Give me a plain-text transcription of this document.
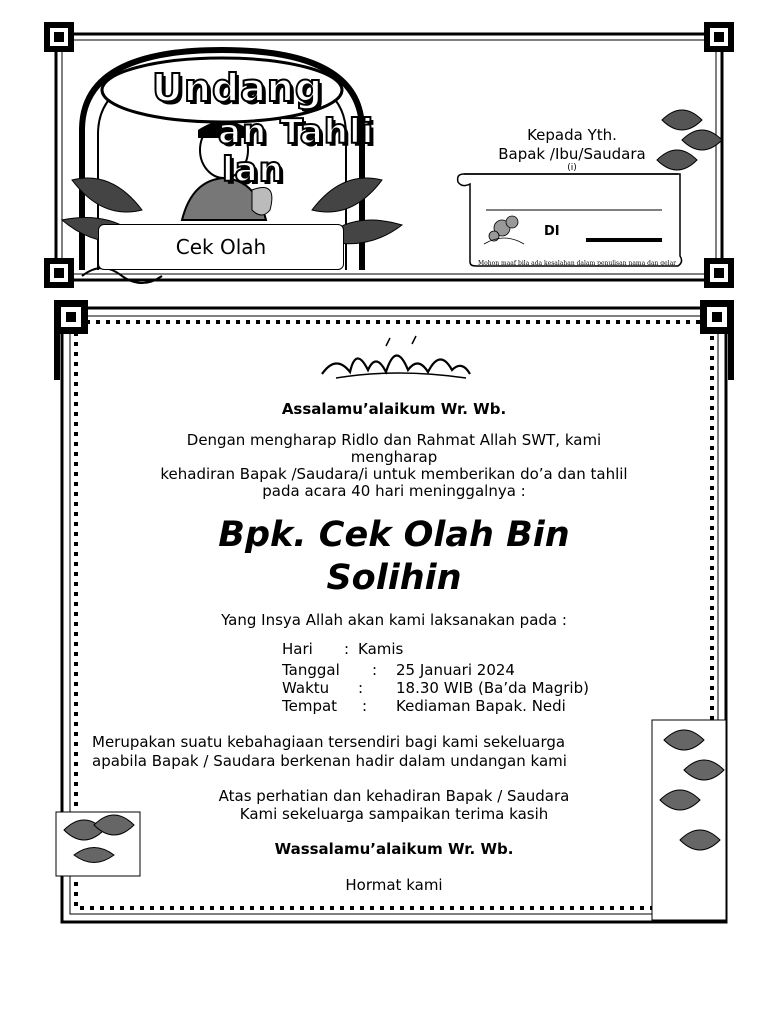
Undang
an Tahli
lan
Cek Olah
Kepada Yth.
Bapak /Ibu/Saudara
(i)
DI
Mohon maaf bila ada kesalahan dalam penulisan nama dan gelar
Assalamu’alaikum Wr. Wb.
Dengan mengharap Ridlo dan Rahmat Allah SWT, kami
mengharap
kehadiran Bapak /Saudara/i untuk memberikan do’a dan tahlil
pada acara 40 hari meninggalnya :
Bpk. Cek Olah Bin
Solihin
Yang Insya Allah akan kami laksanakan pada :
Hari : Kamis
Tanggal : 25 Januari 2024
Waktu : 18.30 WIB (Ba’da Magrib)
Tempat : Kediaman Bapak. Nedi
Merupakan suatu kebahagiaan tersendiri bagi kami sekeluarga
apabila Bapak / Saudara berkenan hadir dalam undangan kami
Atas perhatian dan kehadiran Bapak / Saudara
Kami sekeluarga sampaikan terima kasih
Wassalamu’alaikum Wr. Wb.
Hormat kami
